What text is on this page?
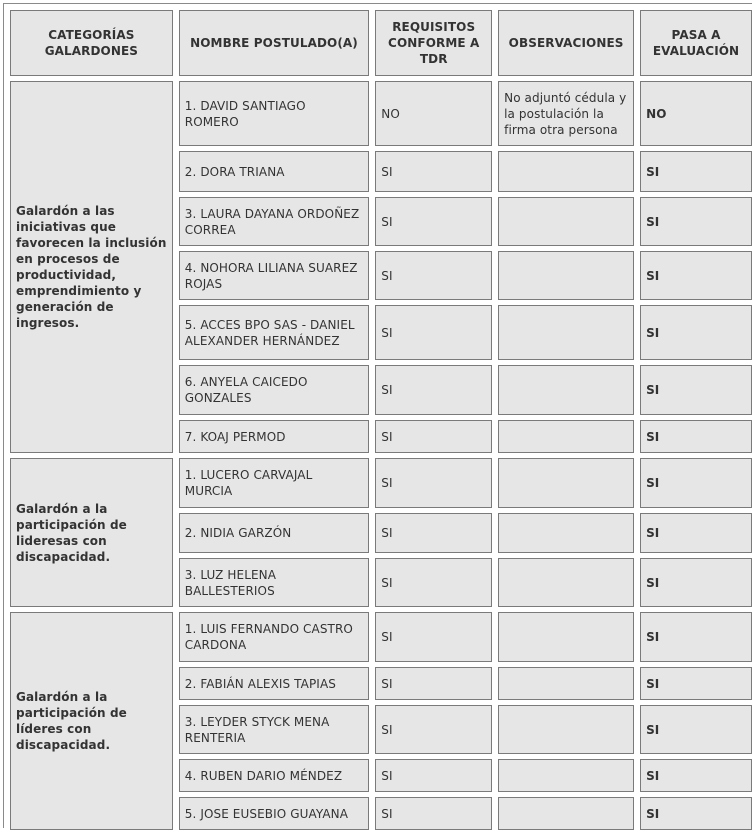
CATEGORÍAS GALARDONES	NOMBRE POSTULADO(A)	REQUISITOS CONFORME A TDR	OBSERVACIONES	PASA A EVALUACIÓN
Galardón a las iniciativas que favorecen la inclusión en procesos de productividad, emprendimiento y generación de ingresos.	1. DAVID SANTIAGO ROMERO	NO	No adjuntó cédula y la postulación la firma otra persona	NO
	2. DORA TRIANA	SI		SI
	3. LAURA DAYANA ORDOÑEZ CORREA	SI		SI
	4. NOHORA LILIANA SUAREZ ROJAS	SI		SI
	5. ACCES BPO SAS - DANIEL ALEXANDER HERNÁNDEZ	SI		SI
	6. ANYELA CAICEDO GONZALES	SI		SI
	7. KOAJ PERMOD	SI		SI
Galardón a la participación de lideresas con discapacidad.	1. LUCERO CARVAJAL MURCIA	SI		SI
	2. NIDIA GARZÓN	SI		SI
	3. LUZ HELENA BALLESTERIOS	SI		SI
Galardón a la participación de líderes con discapacidad.	1. LUIS FERNANDO CASTRO CARDONA	SI		SI
	2. FABIÁN ALEXIS TAPIAS	SI		SI
	3. LEYDER STYCK MENA RENTERIA	SI		SI
	4. RUBEN DARIO MÉNDEZ	SI		SI
	5. JOSE EUSEBIO GUAYANA	SI		SI
